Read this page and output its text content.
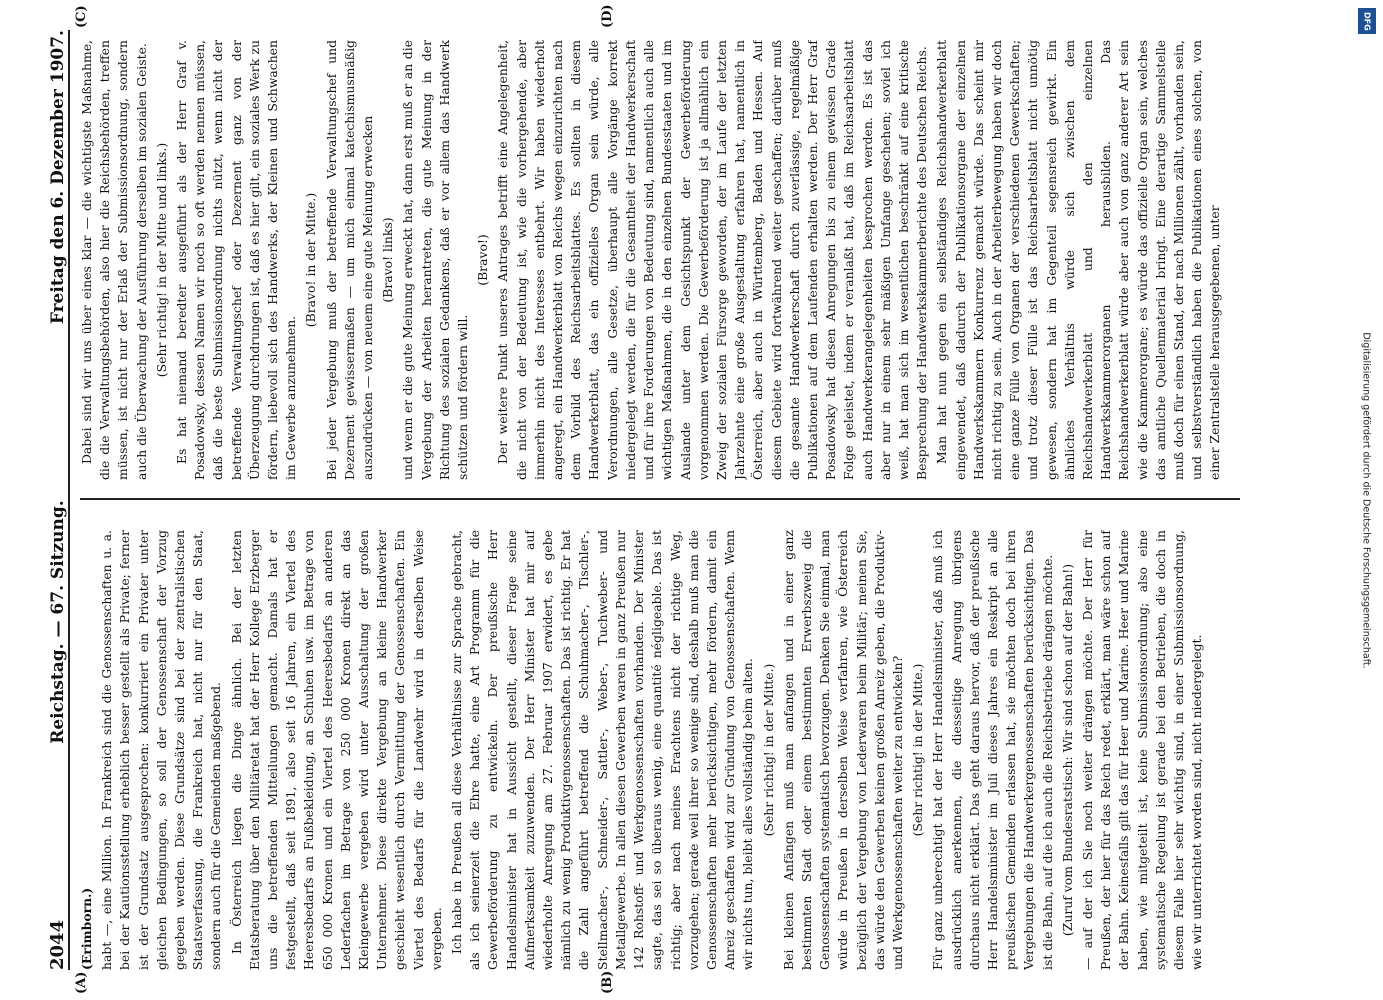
2044
Reichstag. — 67. Sitzung.
Freitag den 6. Dezember 1907.
(A)	(B)
(C)	(D)

(Erimborn.) habt —, eine Million. In Frankreich sind die Genossenschaften u. a. bei der Kautionsstellung erheblich besser gestellt als Private; ferner ist der Grundsatz ausgesprochen: konkurriert ein Privater unter gleichen Bedingungen, so soll der Genossenschaft der Vorzug gegeben werden. Diese Grundsätze sind bei der zentralistischen Staatsverfassung, die Frankreich hat, nicht nur für den Staat, sondern auch für die Gemeinden maßgebend. In Österreich liegen die Dinge ähnlich. Bei der letzten Etatsberatung über den Militäretat hat der Herr Kollege Erzberger uns die betreffenden Mitteilungen gemacht. Damals hat er festgestellt, daß seit 1891, also seit 16 Jahren, ein Viertel des Heeresbedarfs an Fußbekleidung, an Schuhen usw. im Betrage von 650 000 Kronen und ein Viertel des Heeresbedarfs an anderen Lederfachen im Betrage von 250 000 Kronen direkt an das Kleingewerbe vergeben wird unter Ausschaltung der großen Unternehmer. Diese direkte Vergebung an kleine Handwerker geschieht wesentlich durch Vermittlung der Genossenschaften. Ein Viertel des Bedarfs für die Landwehr wird in derselben Weise vergeben. Ich habe in Preußen all diese Verhältnisse zur Sprache gebracht, als ich seinerzeit die Ehre hatte, eine Art Programm für die Gewerbeförderung zu entwickeln. Der preußische Herr Handelsminister hat in Aussicht gestellt, dieser Frage seine Aufmerksamkeit zuzuwenden. Der Herr Minister hat mir auf wiederholte Anregung am 27. Februar 1907 erwidert, es gebe nämlich zu wenig Produktivgenossenschaften. Das ist richtig. Er hat die Zahl angeführt betreffend die Schuhmacher-, Tischler-, Stellmacher-, Schneider-, Sattler-, Weber-, Tuchweber- und Metallgewerbe. In allen diesen Gewerben waren in ganz Preußen nur 142 Rohstoff- und Werkgenossenschaften vorhanden. Der Minister sagte, das sei so überaus wenig, eine quantité négligeable. Das ist richtig; aber nach meines Erachtens nicht der richtige Weg, vorzugehen; gerade weil ihrer so wenige sind, deshalb muß man die Genossenschaften mehr berücksichtigen, mehr fördern, damit ein Anreiz geschaffen wird zur Gründung von Genossenschaften. Wenn wir nichts tun, bleibt alles vollständig beim alten. (Sehr richtig! in der Mitte.) Bei kleinen Anfängen muß man anfangen und in einer ganz bestimmten Stadt oder einem bestimmten Erwerbszweig die Genossenschaften systematisch bevorzugen. Denken Sie einmal, man würde in Preußen in derselben Weise verfahren, wie Österreich bezüglich der Vergebung von Lederwaren beim Militär; meinen Sie, das würde den Gewerben keinen großen Anreiz geben, die Produktiv- und Werkgenossenschaften weiter zu entwickeln? (Sehr richtig! in der Mitte.) Für ganz unberechtigt hat der Herr Handelsminister, daß muß ich ausdrücklich anerkennen, die diesseitige Anregung übrigens durchaus nicht erklärt. Das geht daraus hervor, daß der preußische Herr Handelsminister im Juli dieses Jahres ein Reskript an alle preußischen Gemeinden erlassen hat, sie möchten doch bei ihren Vergebungen die Handwerkergenossenschaften berücksichtigen. Das ist die Bahn, auf die ich auch die Reichsbetriebe drängen möchte. (Zuruf vom Bundesratstisch: Wir sind schon auf der Bahn!) — auf der ich Sie noch weiter drängen möchte. Der Herr für Preußen, der hier für das Reich redet, erklärt, man wäre schon auf der Bahn. Keinesfalls gilt das für Heer und Marine. Heer und Marine haben, wie mitgeteilt ist, keine Submissionsordnung; also eine systematische Regelung ist gerade bei den Betrieben, die doch in diesem Falle hier sehr wichtig sind, in einer Submissionsordnung, wie wir unterrichtet worden sind, nicht niedergelegt.

Dabei sind wir uns über eines klar — die wichtigste Maßnahme, die die Verwaltungsbehörden, also hier die Reichsbehörden, treffen müssen, ist nicht nur der Erlaß der Submissionsordnung, sondern auch die Überwachung der Ausführung derselben im sozialen Geiste. (Sehr richtig! in der Mitte und links.) Es hat niemand beredter ausgeführt als der Herr Graf v. Posadowsky, dessen Namen wir noch so oft werden nennen müssen, daß die beste Submissionsordnung nichts nützt, wenn nicht der betreffende Verwaltungschef oder Dezernent ganz von der Überzeugung durchdrungen ist, daß es hier gilt, ein soziales Werk zu fördern, liebevoll sich des Handwerks, der Kleinen und Schwachen im Gewerbe anzunehmen.

(Bravo! in der Mitte.) Bei jeder Vergebung muß der betreffende Verwaltungschef und Dezernent gewissermaßen — um mich einmal katechismusmäßig auszudrücken — von neuem eine gute Meinung erwecken (Bravo! links) und wenn er die gute Meinung erweckt hat, dann erst muß er an die Vergebung der Arbeiten herantreten, die gute Meinung in der Richtung des sozialen Gedankens, daß er vor allem das Handwerk schützen und fördern will.

(Bravo!) Der weitere Punkt unseres Antrages betrifft eine Angelegenheit, die nicht von der Bedeutung ist, wie die vorhergehende, aber immerhin nicht des Interesses entbehrt. Wir haben wiederholt angeregt, ein Handwerkerblatt von Reichs wegen einzurichten nach dem Vorbild des Reichsarbeitsblattes. Es sollten in diesem Handwerkerblatt, das ein offizielles Organ sein würde, alle Verordnungen, alle Gesetze, überhaupt alle Vorgänge korrekt niedergelegt werden, die für die Gesamtheit der Handwerkerschaft und für ihre Forderungen von Bedeutung sind, namentlich auch alle wichtigen Maßnahmen, die in den einzelnen Bundesstaaten und im Auslande unter dem Gesichtspunkt der Gewerbeförderung vorgenommen werden. Die Gewerbeförderung ist ja allmählich ein Zweig der sozialen Fürsorge geworden, der im Laufe der letzten Jahrzehnte eine große Ausgestaltung erfahren hat, namentlich in Österreich, aber auch in Württemberg, Baden und Hessen. Auf diesem Gebiete wird fortwährend weiter geschaffen; darüber muß die gesamte Handwerkerschaft durch zuverlässige, regelmäßige Publikationen auf dem Laufenden erhalten werden. Der Herr Graf Posadowsky hat diesen Anregungen bis zu einem gewissen Grade Folge geleistet, indem er veranlaßt hat, daß im Reichsarbeitsblatt auch Handwerkerangelegenheiten besprochen werden. Es ist das aber nur in einem sehr mäßigen Umfange geschehen; soviel ich weiß, hat man sich im wesentlichen beschränkt auf eine kritische Besprechung der Handwerkskammerberichte des Deutschen Reichs. Man hat nun gegen ein selbständiges Reichshandwerkerblatt eingewendet, daß dadurch der Publikationsorgane der einzelnen Handwerkskammern Konkurrenz gemacht würde. Das scheint mir nicht richtig zu sein. Auch in der Arbeiterbewegung haben wir doch eine ganze Fülle von Organen der verschiedenen Gewerkschaften; und trotz dieser Fülle ist das Reichsarbeitsblatt nicht unnötig gewesen, sondern hat im Gegenteil segensreich gewirkt. Ein ähnliches Verhältnis würde sich zwischen dem Reichshandwerkerblatt und den einzelnen Handwerkskammerorganen herausbilden. Das Reichshandwerkerblatt würde aber auch von ganz anderer Art sein wie die Kammerorgane; es würde das offizielle Organ sein, welches das amtliche Quellenmaterial bringt. Eine derartige Sammelstelle muß doch für einen Stand, der nach Millionen zählt, vorhanden sein, und selbstverständlich haben die Publikationen eines solchen, von einer Zentralstelle herausgegebenen, unter	Digitalisierung gefördert durch die Deutsche Forschungsgemeinschaft.
DFG
